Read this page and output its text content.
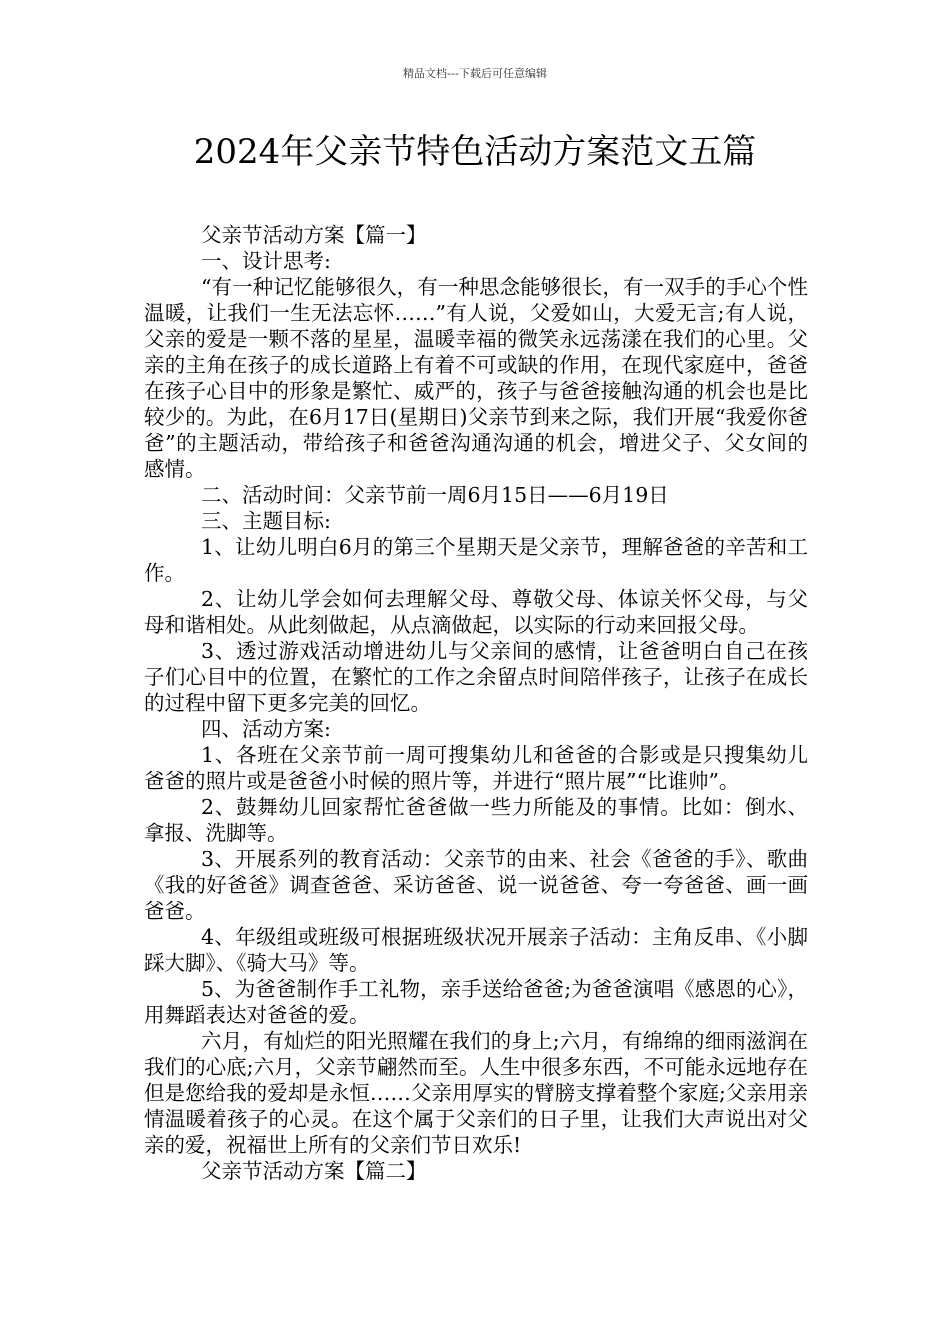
精品文档---下载后可任意编辑
2024年父亲节特色活动方案范文五篇

父亲节活动方案【篇一】

一、设计思考:

“有一种记忆能够很久，有一种思念能够很长，有一双手的手心个性温暖，让我们一生无法忘怀……”有人说，父爱如山，大爱无言;有人说，父亲的爱是一颗不落的星星，温暖幸福的微笑永远荡漾在我们的心里。父亲的主角在孩子的成长道路上有着不可或缺的作用，在现代家庭中，爸爸在孩子心目中的形象是繁忙、威严的，孩子与爸爸接触沟通的机会也是比较少的。为此，在6月17日(星期日)父亲节到来之际，我们开展“我爱你爸爸”的主题活动，带给孩子和爸爸沟通沟通的机会，增进父子、父女间的感情。

二、活动时间：父亲节前一周6月15日——6月19日

三、主题目标:

1、让幼儿明白6月的第三个星期天是父亲节，理解爸爸的辛苦和工作。

2、让幼儿学会如何去理解父母、尊敬父母、体谅关怀父母，与父母和谐相处。从此刻做起，从点滴做起，以实际的行动来回报父母。

3、透过游戏活动增进幼儿与父亲间的感情，让爸爸明白自己在孩子们心目中的位置，在繁忙的工作之余留点时间陪伴孩子，让孩子在成长的过程中留下更多完美的回忆。

四、活动方案:

1、各班在父亲节前一周可搜集幼儿和爸爸的合影或是只搜集幼儿爸爸的照片或是爸爸小时候的照片等，并进行“照片展”“比谁帅”。

2、鼓舞幼儿回家帮忙爸爸做一些力所能及的事情。比如：倒水、拿报、洗脚等。

3、开展系列的教育活动：父亲节的由来、社会《爸爸的手》、歌曲《我的好爸爸》调查爸爸、采访爸爸、说一说爸爸、夸一夸爸爸、画一画爸爸。

4、年级组或班级可根据班级状况开展亲子活动：主角反串、《小脚踩大脚》、《骑大马》等。

5、为爸爸制作手工礼物，亲手送给爸爸;为爸爸演唱《感恩的心》，用舞蹈表达对爸爸的爱。

六月，有灿烂的阳光照耀在我们的身上;六月，有绵绵的细雨滋润在我们的心底;六月，父亲节翩然而至。人生中很多东西，不可能永远地存在但是您给我的爱却是永恒……父亲用厚实的臂膀支撑着整个家庭;父亲用亲情温暖着孩子的心灵。在这个属于父亲们的日子里，让我们大声说出对父亲的爱，祝福世上所有的父亲们节日欢乐!

父亲节活动方案【篇二】
